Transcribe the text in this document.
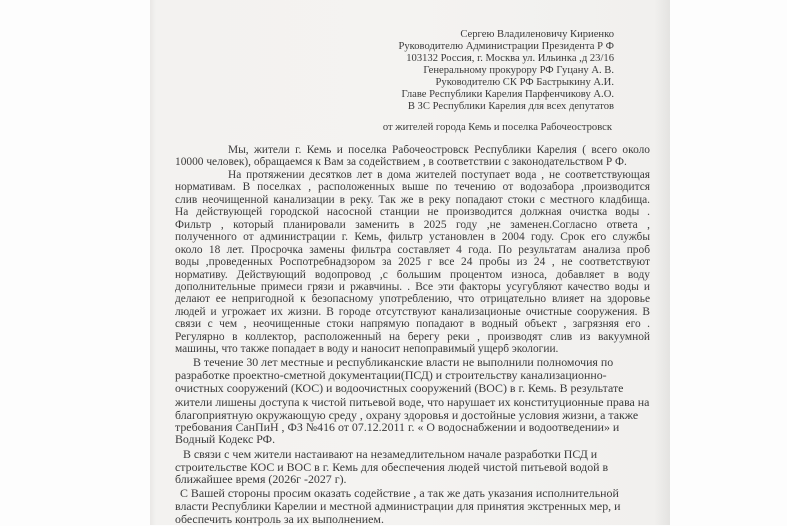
Сергею Владиленовичу Кириенко
Руководителю Администрации Президента Р Ф
103132 Россия, г. Москва ул. Ильинка ,д 23/16
Генеральному прокурору РФ Гуцану А. В.
Руководителю СК РФ Бастрыкину А.И.
Главе Республики Карелия Парфенчикову А.О.
В ЗС Республики Карелия для всех депутатов
от жителей города Кемь и поселка Рабочеостровск
Мы, жители г. Кемь и поселка Рабочеостровск Республики Карелия ( всего около
10000 человек), обращаемся к Вам за содействием , в соответствии с законодательством Р Ф.
На протяжении десятков лет в дома жителей поступает вода , не соответствующая
нормативам. В поселках , расположенных выше по течению от водозабора ,производится
слив неочищенной канализации в реку. Так же в реку попадают стоки с местного кладбища.
На действующей городской насосной станции не производится должная очистка воды .
Фильтр , который планировали заменить в 2025 году ,не заменен.Согласно ответа ,
полученного от администрации г. Кемь, фильтр установлен в 2004 году. Срок его службы
около 18 лет. Просрочка замены фильтра составляет 4 года. По результатам анализа проб
воды ,проведенных Роспотребнадзором за 2025 г все 24 пробы из 24 , не соответствуют
нормативу. Действующий водопровод ,с большим процентом износа, добавляет в воду
дополнительные примеси грязи и ржавчины. . Все эти факторы усугубляют качество воды и
делают ее непригодной к безопасному употреблению, что отрицательно влияет на здоровье
людей и угрожает их жизни. В городе отсутствуют канализационые очистные сооружения. В
связи с чем , неочищенные стоки напрямую попадают в водный объект , загрязняя его .
Регулярно в коллектор, расположенный на берегу реки , производят слив из вакуумной
машины, что также попадает в воду и наносит непоправимый ущерб экологии.
В течение 30 лет местные и республиканские власти не выполнили полномочия по
разработке проектно-сметной документации(ПСД) и строительству канализационно-
очистных сооружений (КОС) и водоочистных сооружений (ВОС) в г. Кемь. В результате
жители лишены доступа к чистой питьевой воде, что нарушает их конституционные права на
благоприятную окружающую среду , охрану здоровья и достойные условия жизни, а также
требования СанПиН , ФЗ №416 от 07.12.2011 г. « О водоснабжении и водоотведении» и
Водный Кодекс РФ.
В связи с чем жители настаивают на незамедлительном начале разработки ПСД и
строительстве КОС и ВОС в г. Кемь для обеспечения людей чистой питьевой водой в
ближайшее время (2026г -2027 г).
С Вашей стороны просим оказать содействие , а так же дать указания исполнительной
власти Республики Карелии и местной администрации для принятия экстренных мер, и
обеспечить контроль за их выполнением.
